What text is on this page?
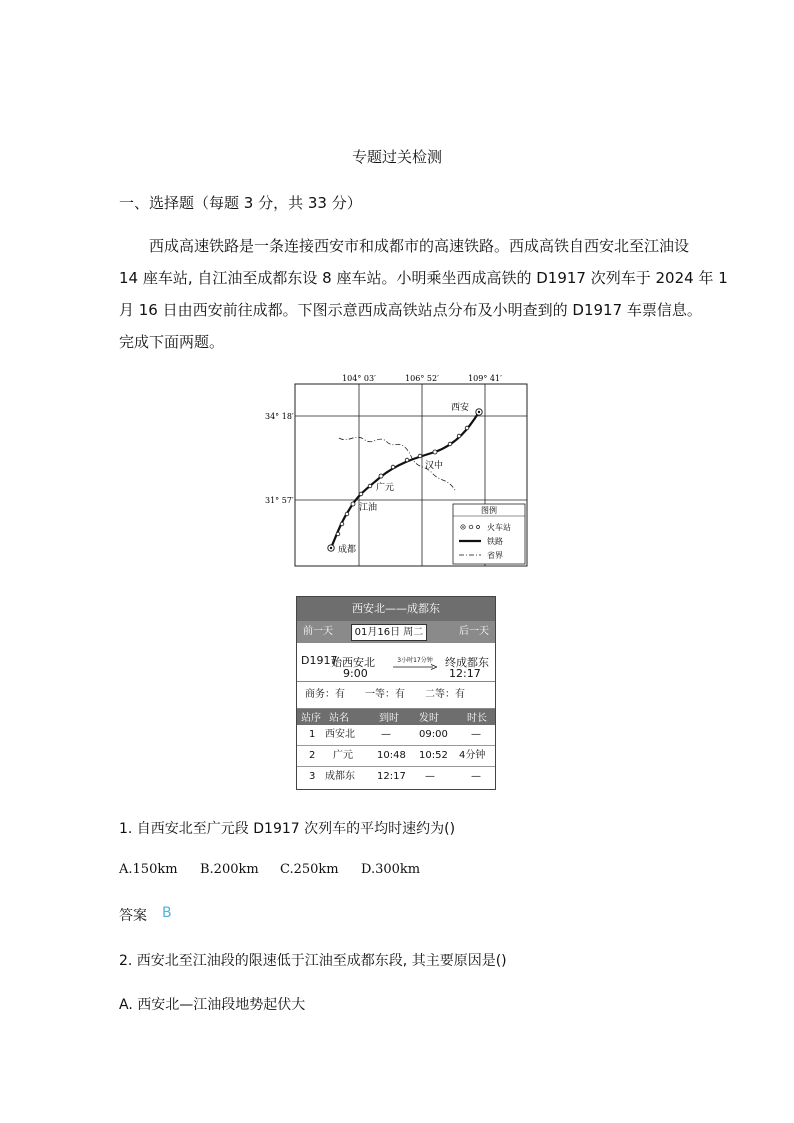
专题过关检测
一、选择题（每题 3 分，共 33 分）
西成高速铁路是一条连接西安市和成都市的高速铁路。西成高铁自西安北至江油设
14 座车站, 自江油至成都东设 8 座车站。小明乘坐西成高铁的 D1917 次列车于 2024 年 1
月 16 日由西安前往成都。下图示意西成高铁站点分布及小明查到的 D1917 车票信息。
完成下面两题。
104° 03′	106° 52′	109° 41′
34° 18′
31° 57′
西安
汉中
广元
江油
成都
图例
火车站
铁路
省界
西安北——成都东
前一天	01月16日 周二	后一天
D1917
始西安北	3小时17分钟	终成都东
9:00	12:17
商务：有 一等：有 二等：有
站序 站名	到时 发时	时长
1 西安北	—	09:00 —
2 广元 10:48 10:52 4分钟
3 成都东 12:17 —	—
1. 自西安北至广元段 D1917 次列车的平均时速约为()
A.150km B.200km C.250km D.300km
答案 B
2. 西安北至江油段的限速低于江油至成都东段, 其主要原因是()
A. 西安北—江油段地势起伏大
